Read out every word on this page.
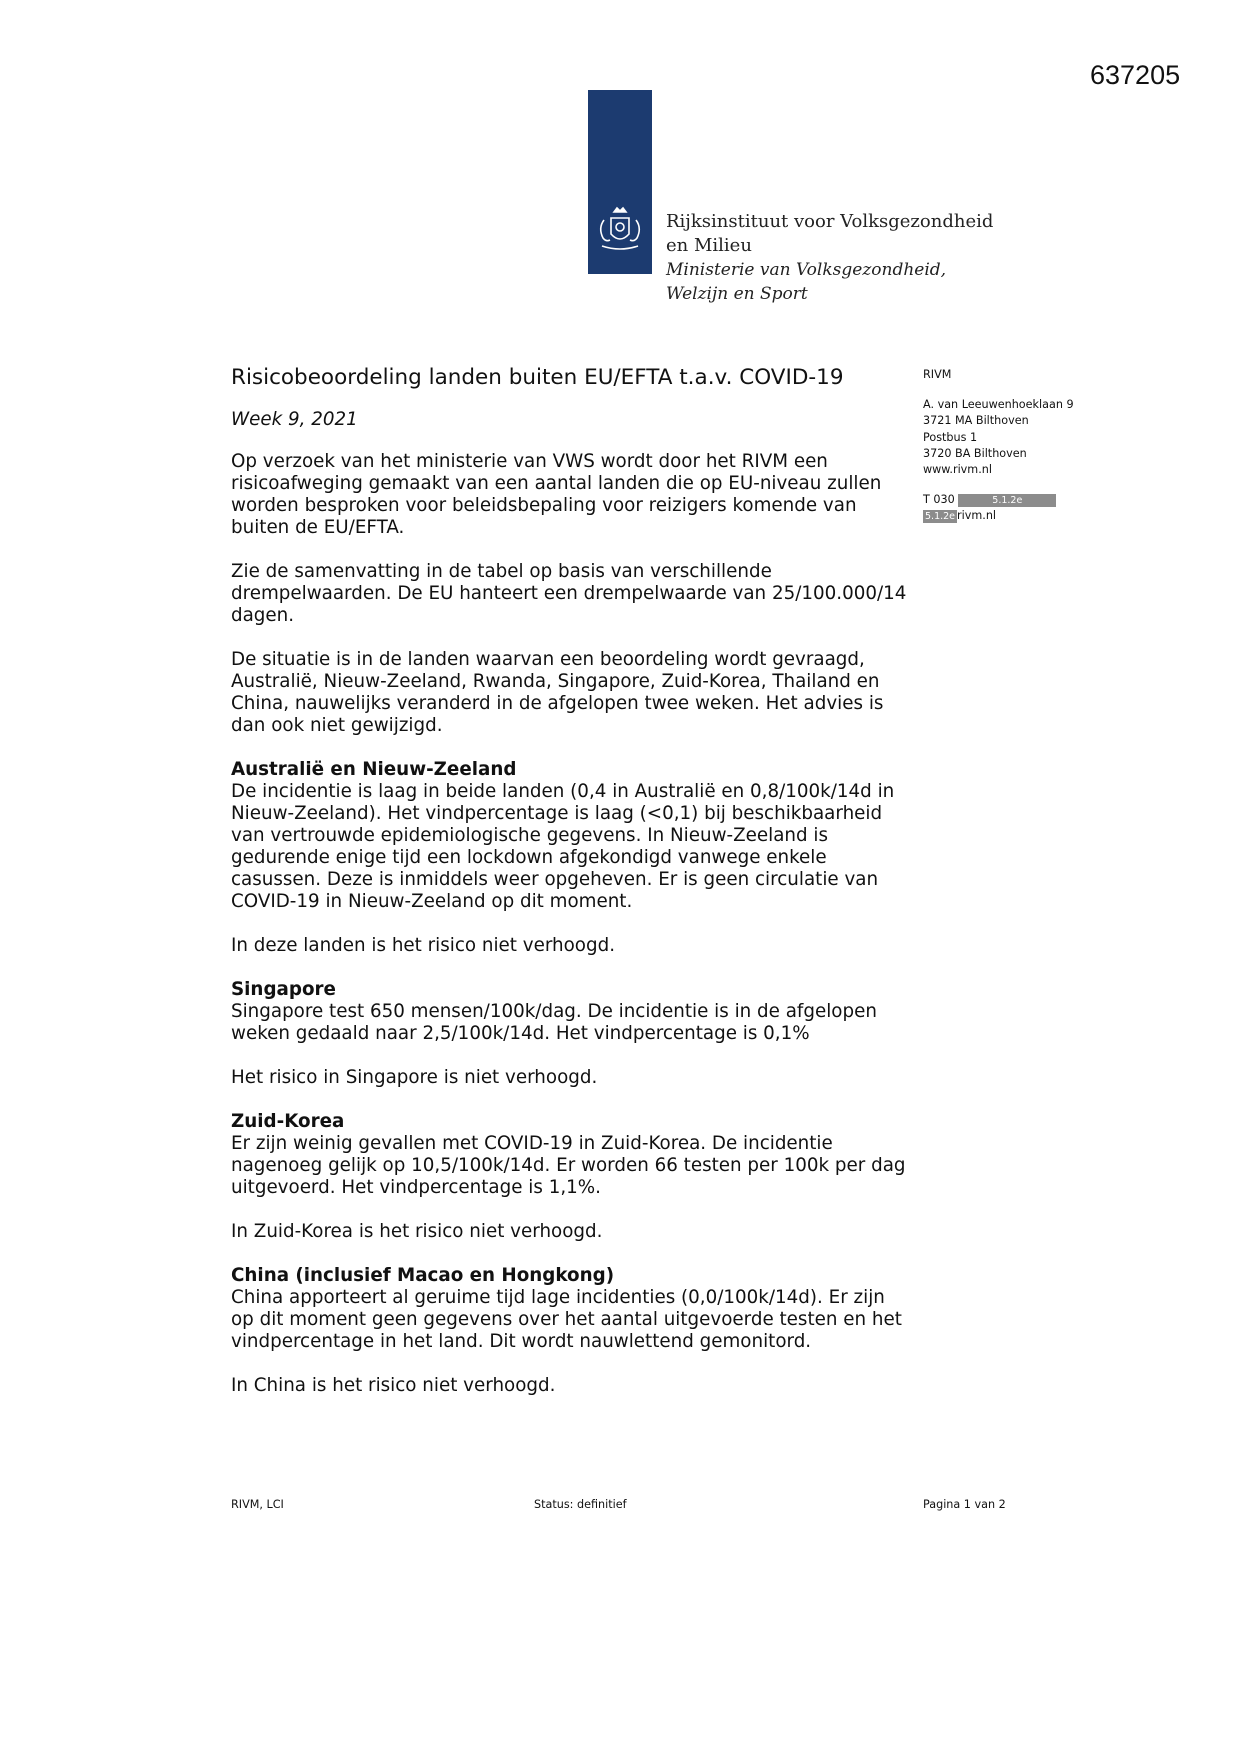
637205
Rijksinstituut voor Volksgezondheid
en Milieu
Ministerie van Volksgezondheid,
Welzijn en Sport
Risicobeoordeling landen buiten EU/EFTA t.a.v. COVID-19
Week 9, 2021

Op verzoek van het ministerie van VWS wordt door het RIVM een

risicoafweging gemaakt van een aantal landen die op EU-niveau zullen

worden besproken voor beleidsbepaling voor reizigers komende van

buiten de EU/EFTA.

Zie de samenvatting in de tabel op basis van verschillende

drempelwaarden. De EU hanteert een drempelwaarde van 25/100.000/14

dagen.

De situatie is in de landen waarvan een beoordeling wordt gevraagd,

Australië, Nieuw-Zeeland, Rwanda, Singapore, Zuid-Korea, Thailand en

China, nauwelijks veranderd in de afgelopen twee weken. Het advies is

dan ook niet gewijzigd.

Australië en Nieuw-Zeeland

De incidentie is laag in beide landen (0,4 in Australië en 0,8/100k/14d in

Nieuw-Zeeland). Het vindpercentage is laag (<0,1) bij beschikbaarheid

van vertrouwde epidemiologische gegevens. In Nieuw-Zeeland is

gedurende enige tijd een lockdown afgekondigd vanwege enkele

casussen. Deze is inmiddels weer opgeheven. Er is geen circulatie van

COVID-19 in Nieuw-Zeeland op dit moment.

In deze landen is het risico niet verhoogd.

Singapore

Singapore test 650 mensen/100k/dag. De incidentie is in de afgelopen

weken gedaald naar 2,5/100k/14d. Het vindpercentage is 0,1%

Het risico in Singapore is niet verhoogd.

Zuid-Korea

Er zijn weinig gevallen met COVID-19 in Zuid-Korea. De incidentie

nagenoeg gelijk op 10,5/100k/14d. Er worden 66 testen per 100k per dag

uitgevoerd. Het vindpercentage is 1,1%.

In Zuid-Korea is het risico niet verhoogd.

China (inclusief Macao en Hongkong)

China apporteert al geruime tijd lage incidenties (0,0/100k/14d). Er zijn

op dit moment geen gegevens over het aantal uitgevoerde testen en het

vindpercentage in het land. Dit wordt nauwlettend gemonitord.

In China is het risico niet verhoogd.

RIVM
A. van Leeuwenhoeklaan 9
3721 MA Bilthoven
Postbus 1
3720 BA Bilthoven
www.rivm.nl
T 030	5.1.2e
5.1.2e rivm.nl
RIVM, LCI	Status: definitief	Pagina 1 van 2
